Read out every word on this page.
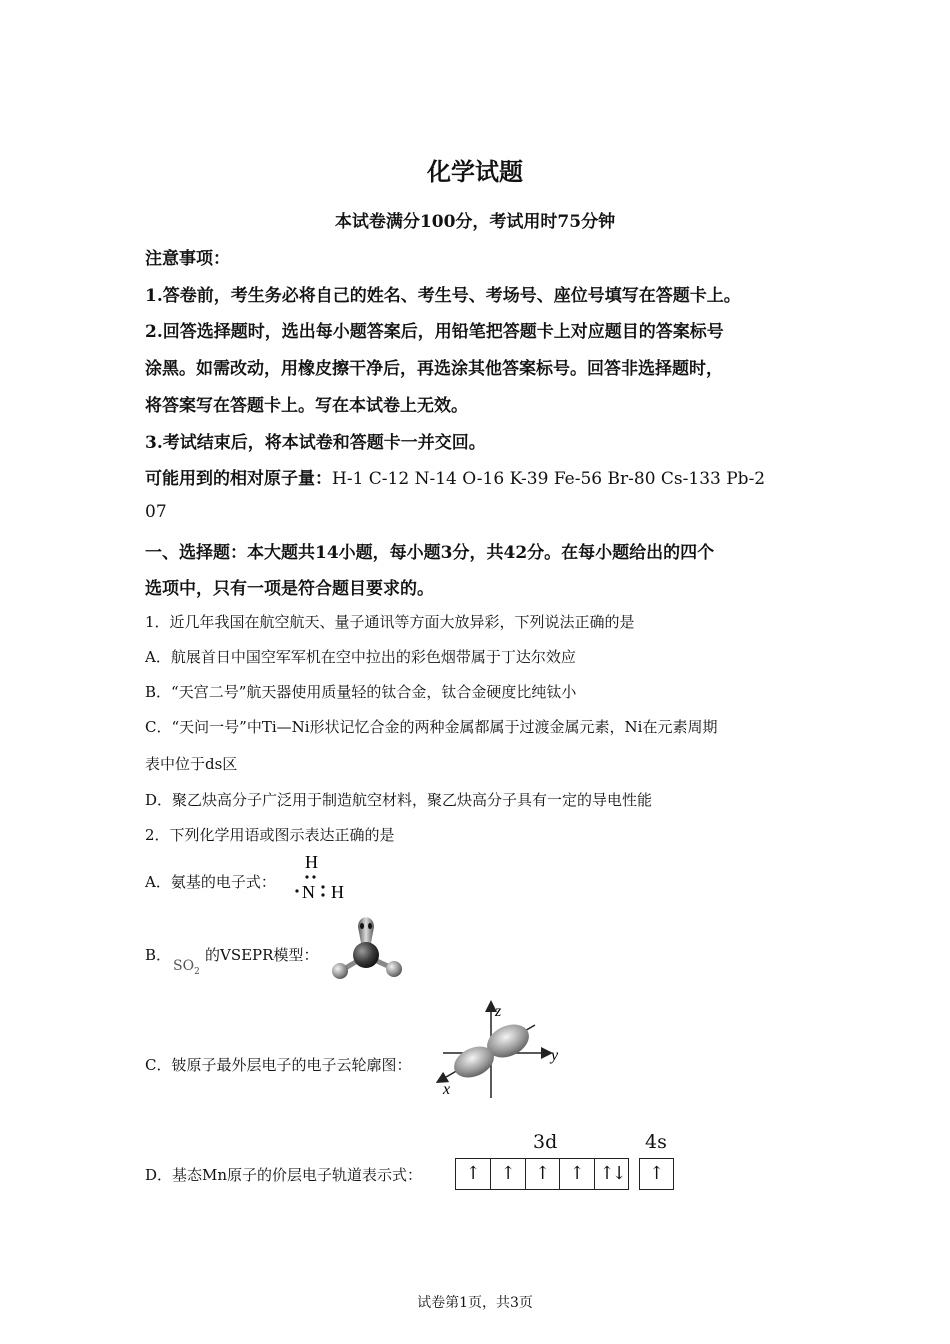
化学试题
本试卷满分100分，考试用时75分钟
注意事项：
1.答卷前，考生务必将自己的姓名、考生号、考场号、座位号填写在答题卡上。
2.回答选择题时，选出每小题答案后，用铅笔把答题卡上对应题目的答案标号
涂黑。如需改动，用橡皮擦干净后，再选涂其他答案标号。回答非选择题时，
将答案写在答题卡上。写在本试卷上无效。
3.考试结束后，将本试卷和答题卡一并交回。
可能用到的相对原子量：H-1 C-12 N-14 O-16 K-39 Fe-56 Br-80 Cs-133 Pb-2
07
一、选择题：本大题共14小题，每小题3分，共42分。在每小题给出的四个
选项中，只有一项是符合题目要求的。
1．近几年我国在航空航天、量子通讯等方面大放异彩，下列说法正确的是
A．航展首日中国空军军机在空中拉出的彩色烟带属于丁达尔效应
B．“天宫二号”航天器使用质量轻的钛合金，钛合金硬度比纯钛小
C．“天问一号”中Ti—Ni形状记忆合金的两种金属都属于过渡金属元素，Ni在元素周期
表中位于ds区
D．聚乙炔高分子广泛用于制造航空材料，聚乙炔高分子具有一定的导电性能
2．下列化学用语或图示表达正确的是
A．氨基的电子式：
H
N H
B．
$SO_2$
的VSEPR模型：
C．铍原子最外层电子的电子云轮廓图：
z
y
x
D．基态Mn原子的价层电子轨道表示式：
3d	4s
↑	↑	↑	↑ ↑↓	↑
试卷第1页，共3页
